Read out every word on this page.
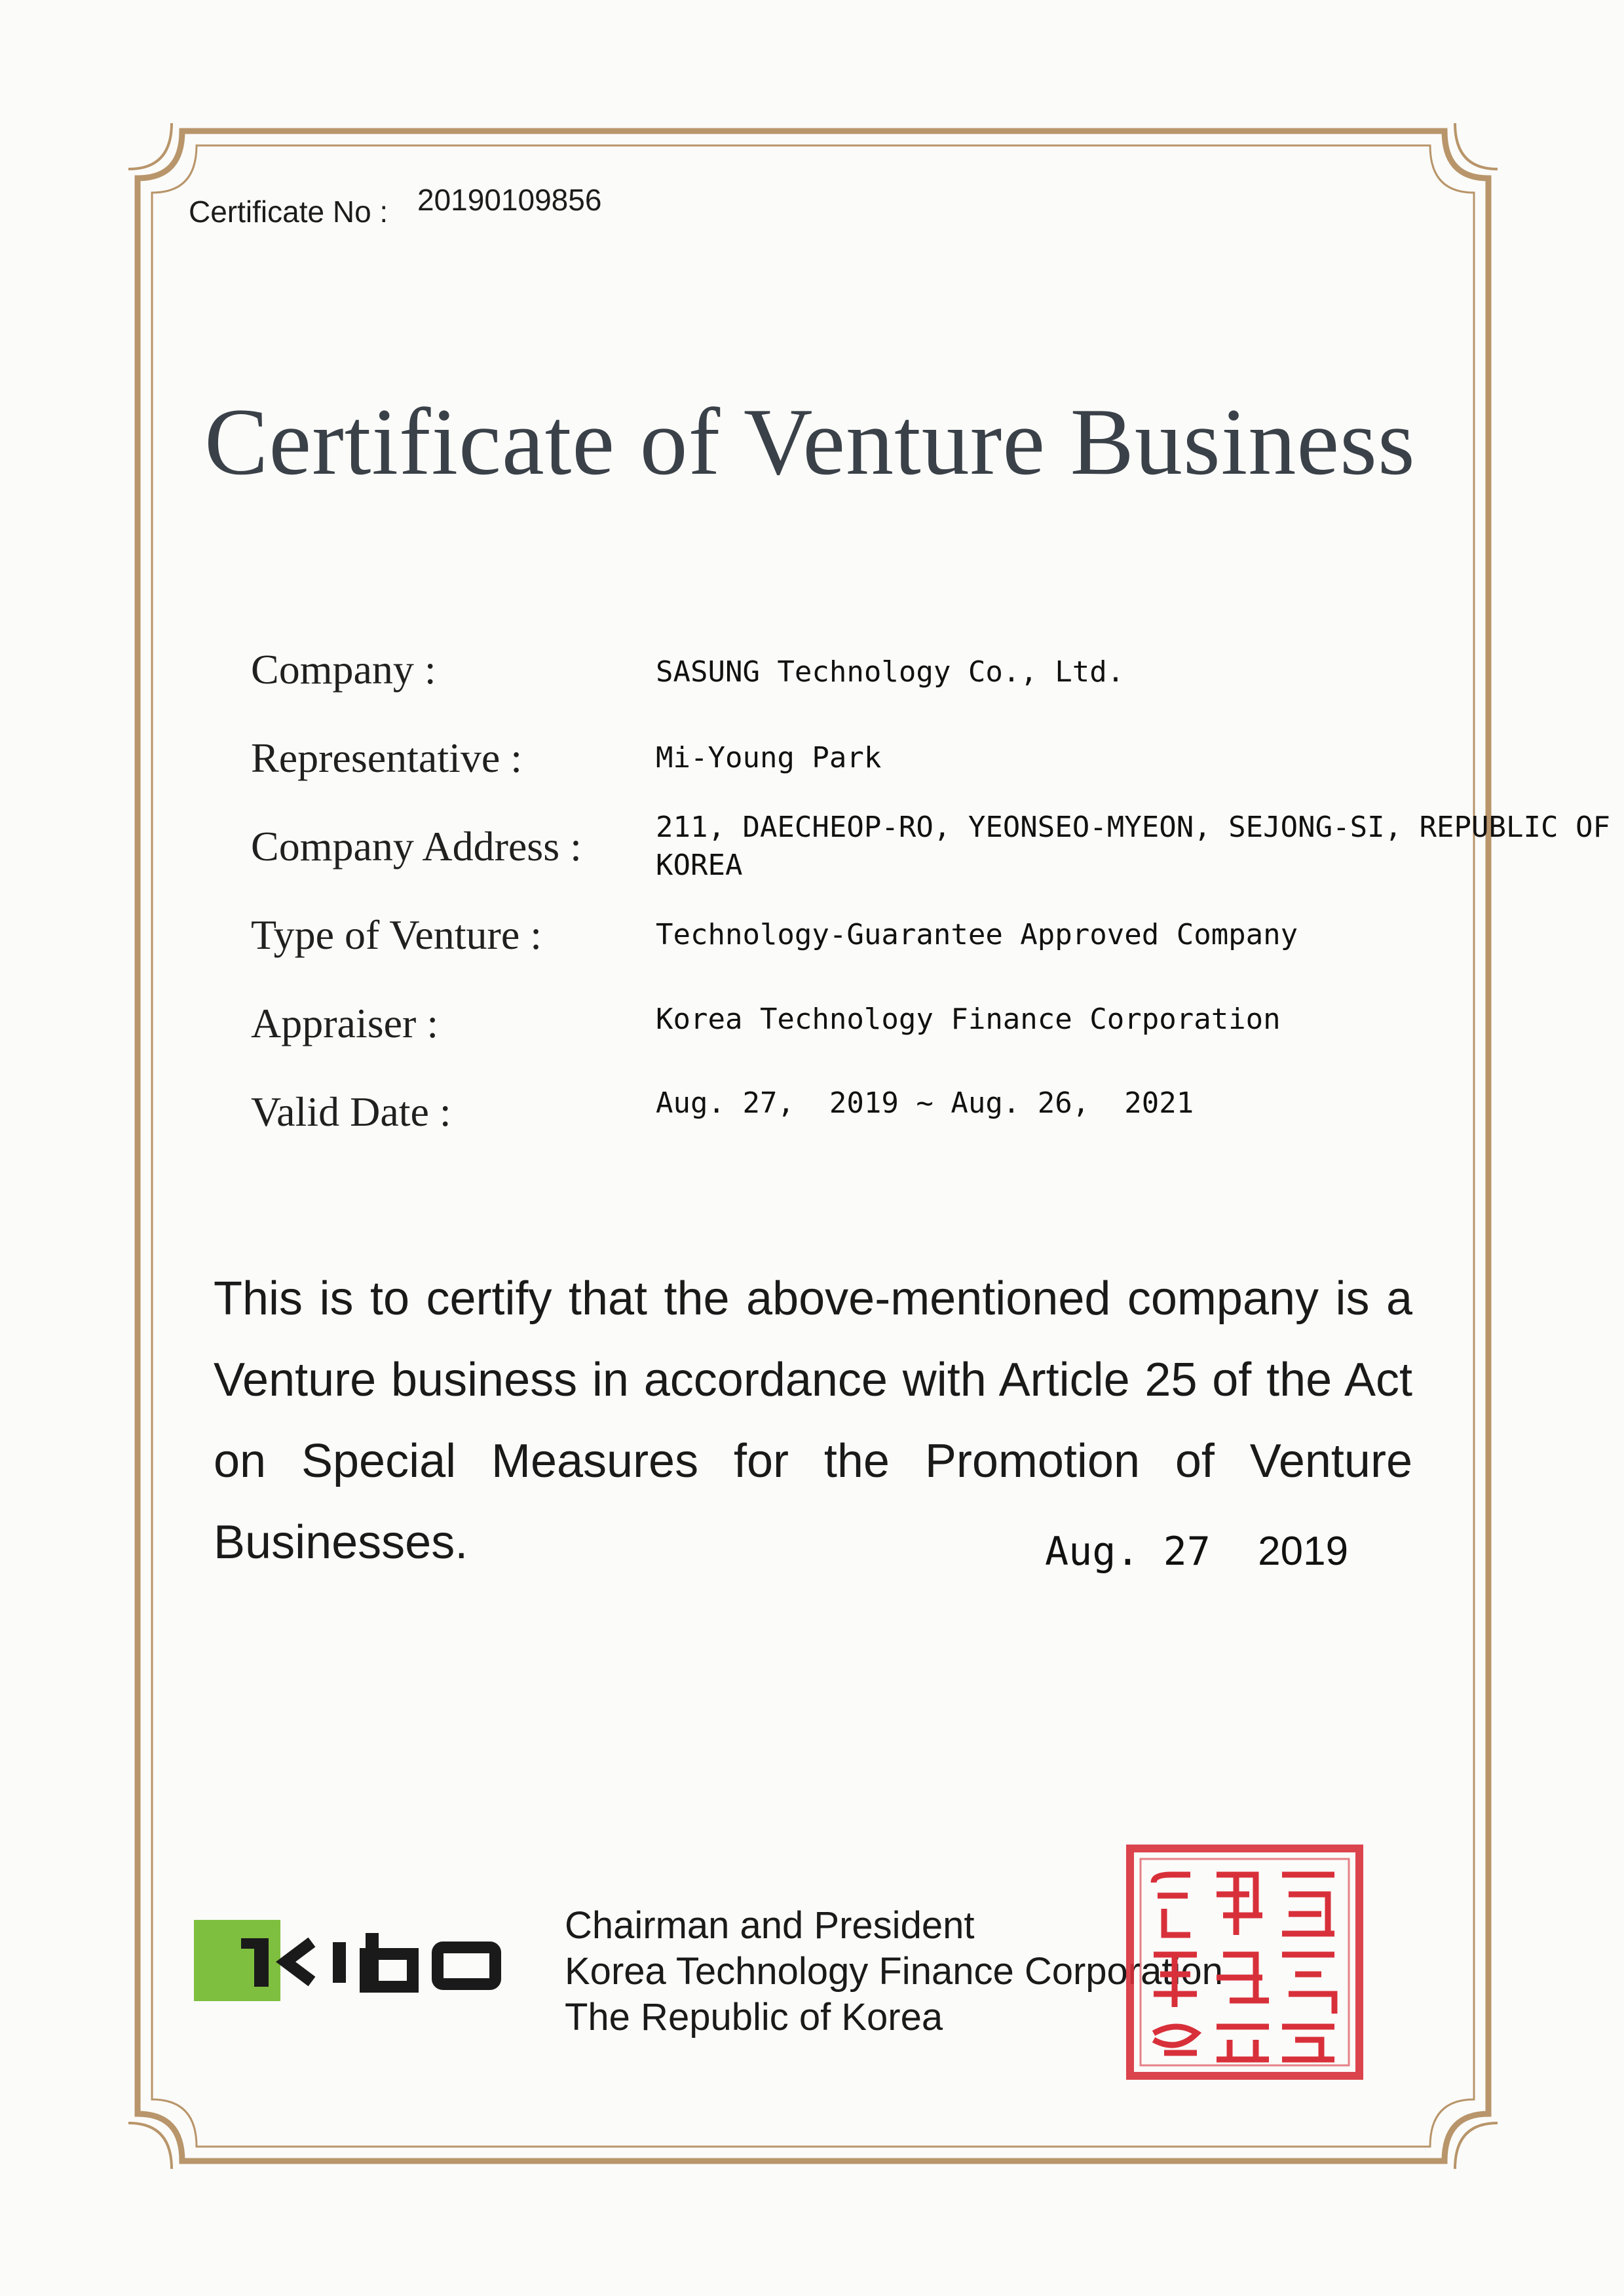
Certificate No : 20190109856
Certificate of Venture Business
Company :	SASUNG Technology Co., Ltd.
Representative :	Mi-Young Park
Company Address :	211, DAECHEOP-RO, YEONSEO-MYEON, SEJONG-SI, REPUBLIC OF
KOREA
Type of Venture :	Technology-Guarantee Approved Company
Appraiser :	Korea Technology Finance Corporation
Valid Date :	Aug. 27,  2019 ~ Aug. 26,  2021
This is to certify that the above-mentioned company is a Venture business in accordance with Article 25 of the Act on Special Measures for the Promotion of Venture Businesses.	Aug. 27 2019
Chairman and President
Korea Technology Finance Corporation
The Republic of Korea
